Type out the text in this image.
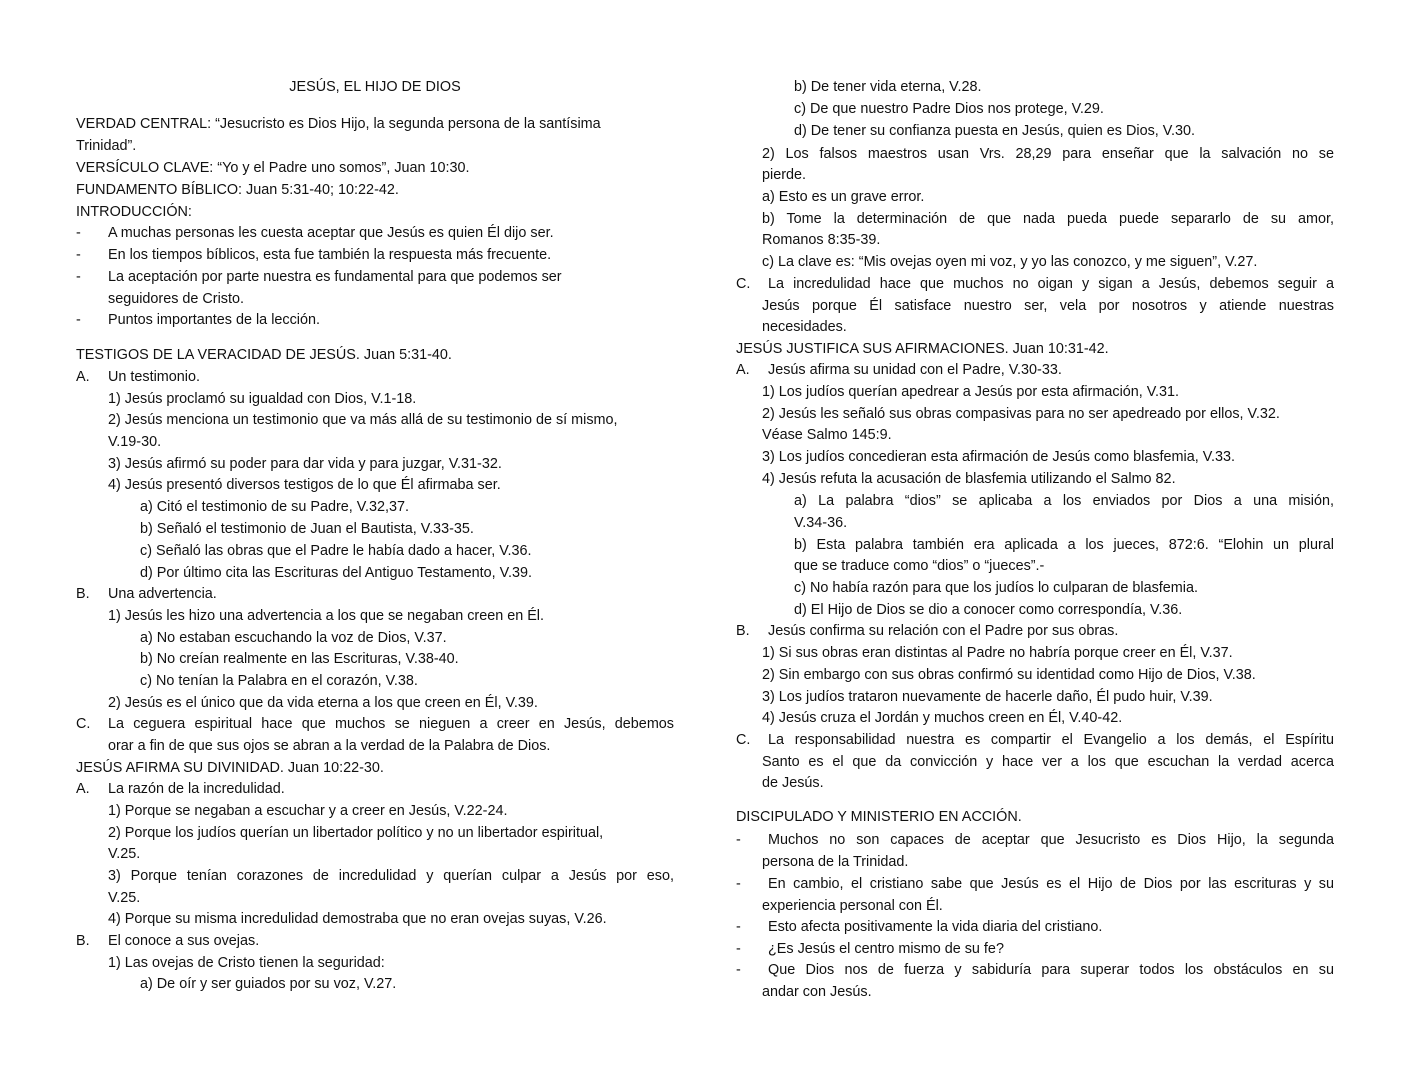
JESÚS, EL HIJO DE DIOS
VERDAD CENTRAL: “Jesucristo es Dios Hijo, la segunda persona de la santísima
Trinidad”.
VERSÍCULO CLAVE: “Yo y el Padre uno somos”, Juan 10:30.
FUNDAMENTO BÍBLICO: Juan 5:31-40; 10:22-42.
INTRODUCCIÓN:
- A muchas personas les cuesta aceptar que Jesús es quien Él dijo ser.
- En los tiempos bíblicos, esta fue también la respuesta más frecuente.
- La aceptación por parte nuestra es fundamental para que podemos ser
seguidores de Cristo.
- Puntos importantes de la lección.
TESTIGOS DE LA VERACIDAD DE JESÚS. Juan 5:31-40.
A. Un testimonio.
1) Jesús proclamó su igualdad con Dios, V.1-18.
2) Jesús menciona un testimonio que va más allá de su testimonio de sí mismo,
V.19-30.
3) Jesús afirmó su poder para dar vida y para juzgar, V.31-32.
4) Jesús presentó diversos testigos de lo que Él afirmaba ser.
a) Citó el testimonio de su Padre, V.32,37.
b) Señaló el testimonio de Juan el Bautista, V.33-35.
c) Señaló las obras que el Padre le había dado a hacer, V.36.
d) Por último cita las Escrituras del Antiguo Testamento, V.39.
B. Una advertencia.
1) Jesús les hizo una advertencia a los que se negaban creen en Él.
a) No estaban escuchando la voz de Dios, V.37.
b) No creían realmente en las Escrituras, V.38-40.
c) No tenían la Palabra en el corazón, V.38.
2) Jesús es el único que da vida eterna a los que creen en Él, V.39.
C. La ceguera espiritual hace que muchos se nieguen a creer en Jesús, debemos
orar a fin de que sus ojos se abran a la verdad de la Palabra de Dios.
JESÚS AFIRMA SU DIVINIDAD. Juan 10:22-30.
A. La razón de la incredulidad.
1) Porque se negaban a escuchar y a creer en Jesús, V.22-24.
2) Porque los judíos querían un libertador político y no un libertador espiritual,
V.25.
3) Porque tenían corazones de incredulidad y querían culpar a Jesús por eso,
V.25.
4) Porque su misma incredulidad demostraba que no eran ovejas suyas, V.26.
B. El conoce a sus ovejas.
1) Las ovejas de Cristo tienen la seguridad:
a) De oír y ser guiados por su voz, V.27.
b) De tener vida eterna, V.28.
c) De que nuestro Padre Dios nos protege, V.29.
d) De tener su confianza puesta en Jesús, quien es Dios, V.30.
2) Los falsos maestros usan Vrs. 28,29 para enseñar que la salvación no se
pierde.
a) Esto es un grave error.
b) Tome la determinación de que nada pueda puede separarlo de su amor,
Romanos 8:35-39.
c) La clave es: “Mis ovejas oyen mi voz, y yo las conozco, y me siguen”, V.27.
C. La incredulidad hace que muchos no oigan y sigan a Jesús, debemos seguir a
Jesús porque Él satisface nuestro ser, vela por nosotros y atiende nuestras
necesidades.
JESÚS JUSTIFICA SUS AFIRMACIONES. Juan 10:31-42.
A. Jesús afirma su unidad con el Padre, V.30-33.
1) Los judíos querían apedrear a Jesús por esta afirmación, V.31.
2) Jesús les señaló sus obras compasivas para no ser apedreado por ellos, V.32.
Véase Salmo 145:9.
3) Los judíos concedieran esta afirmación de Jesús como blasfemia, V.33.
4) Jesús refuta la acusación de blasfemia utilizando el Salmo 82.
a) La palabra “dios” se aplicaba a los enviados por Dios a una misión,
V.34-36.
b) Esta palabra también era aplicada a los jueces, 872:6. “Elohin un plural
que se traduce como “dios” o “jueces”.-
c) No había razón para que los judíos lo culparan de blasfemia.
d) El Hijo de Dios se dio a conocer como correspondía, V.36.
B. Jesús confirma su relación con el Padre por sus obras.
1) Si sus obras eran distintas al Padre no habría porque creer en Él, V.37.
2) Sin embargo con sus obras confirmó su identidad como Hijo de Dios, V.38.
3) Los judíos trataron nuevamente de hacerle daño, Él pudo huir, V.39.
4) Jesús cruza el Jordán y muchos creen en Él, V.40-42.
C. La responsabilidad nuestra es compartir el Evangelio a los demás, el Espíritu
Santo es el que da convicción y hace ver a los que escuchan la verdad acerca
de Jesús.
DISCIPULADO Y MINISTERIO EN ACCIÓN.
- Muchos no son capaces de aceptar que Jesucristo es Dios Hijo, la segunda
persona de la Trinidad.
- En cambio, el cristiano sabe que Jesús es el Hijo de Dios por las escrituras y su
experiencia personal con Él.
- Esto afecta positivamente la vida diaria del cristiano.
- ¿Es Jesús el centro mismo de su fe?
- Que Dios nos de fuerza y sabiduría para superar todos los obstáculos en su
andar con Jesús.
